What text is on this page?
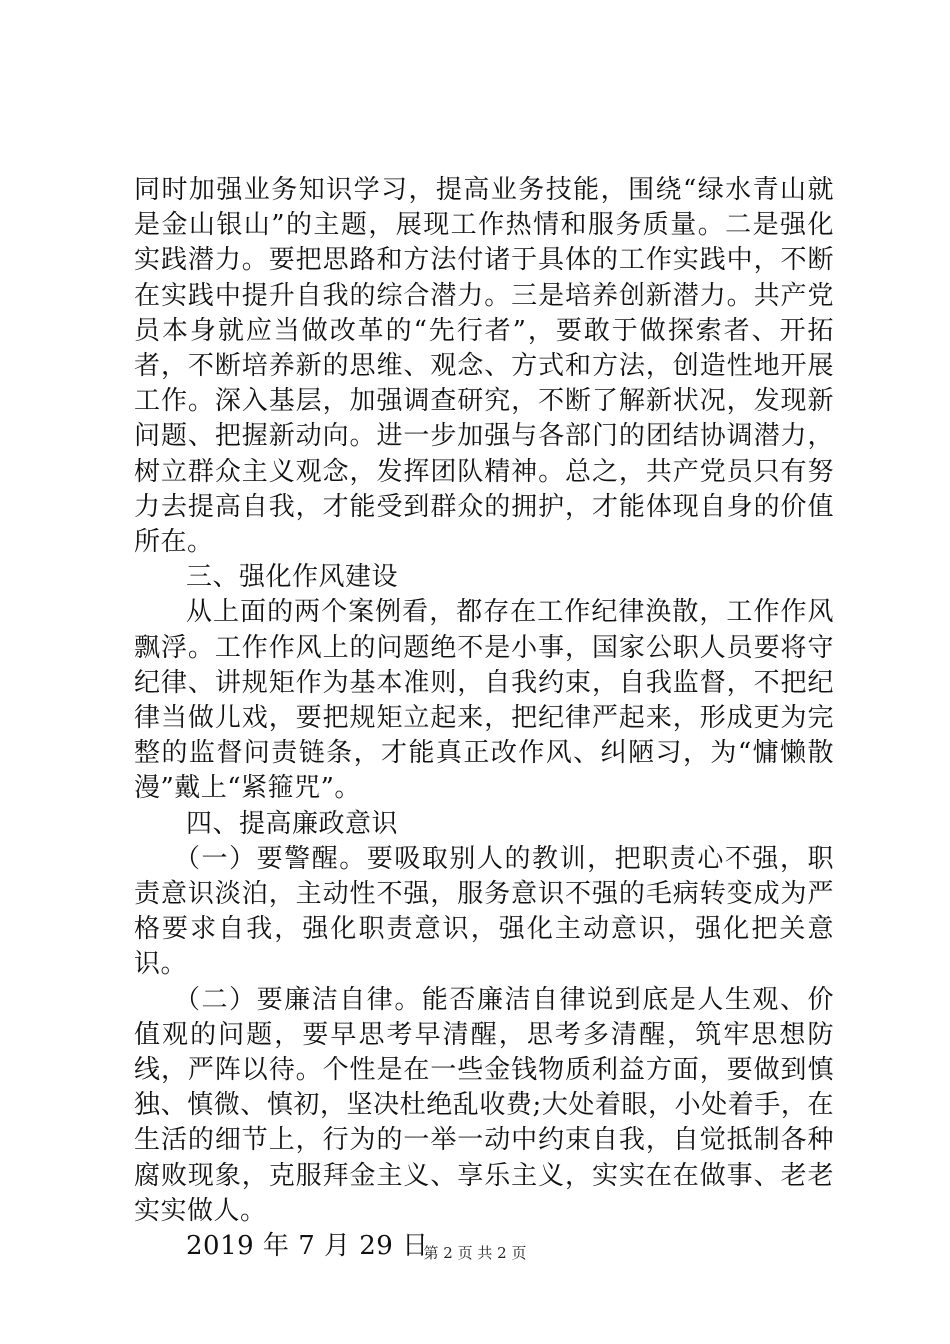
同时加强业务知识学习，提高业务技能，围绕“绿水青山就是金山银山”的主题，展现工作热情和服务质量。二是强化实践潜力。要把思路和方法付诸于具体的工作实践中，不断在实践中提升自我的综合潜力。三是培养创新潜力。共产党员本身就应当做改革的“先行者”，要敢于做探索者、开拓者，不断培养新的思维、观念、方式和方法，创造性地开展工作。深入基层，加强调查研究，不断了解新状况，发现新问题、把握新动向。进一步加强与各部门的团结协调潜力，树立群众主义观念，发挥团队精神。总之，共产党员只有努力去提高自我，才能受到群众的拥护，才能体现自身的价值所在。

三、强化作风建设

从上面的两个案例看，都存在工作纪律涣散，工作作风飘浮。工作作风上的问题绝不是小事，国家公职人员要将守纪律、讲规矩作为基本准则，自我约束，自我监督，不把纪律当做儿戏，要把规矩立起来，把纪律严起来，形成更为完整的监督问责链条，才能真正改作风、纠陋习，为“慵懒散漫”戴上“紧箍咒”。

四、提高廉政意识

（一）要警醒。要吸取别人的教训，把职责心不强，职责意识淡泊，主动性不强，服务意识不强的毛病转变成为严格要求自我，强化职责意识，强化主动意识，强化把关意识。

（二）要廉洁自律。能否廉洁自律说到底是人生观、价值观的问题，要早思考早清醒，思考多清醒，筑牢思想防线，严阵以待。个性是在一些金钱物质利益方面，要做到慎独、慎微、慎初，坚决杜绝乱收费;大处着眼，小处着手，在生活的细节上，行为的一举一动中约束自我，自觉抵制各种腐败现象，克服拜金主义、享乐主义，实实在在做事、老老实实做人。

2019 年 7 月 29 日

第 2 页 共 2 页
